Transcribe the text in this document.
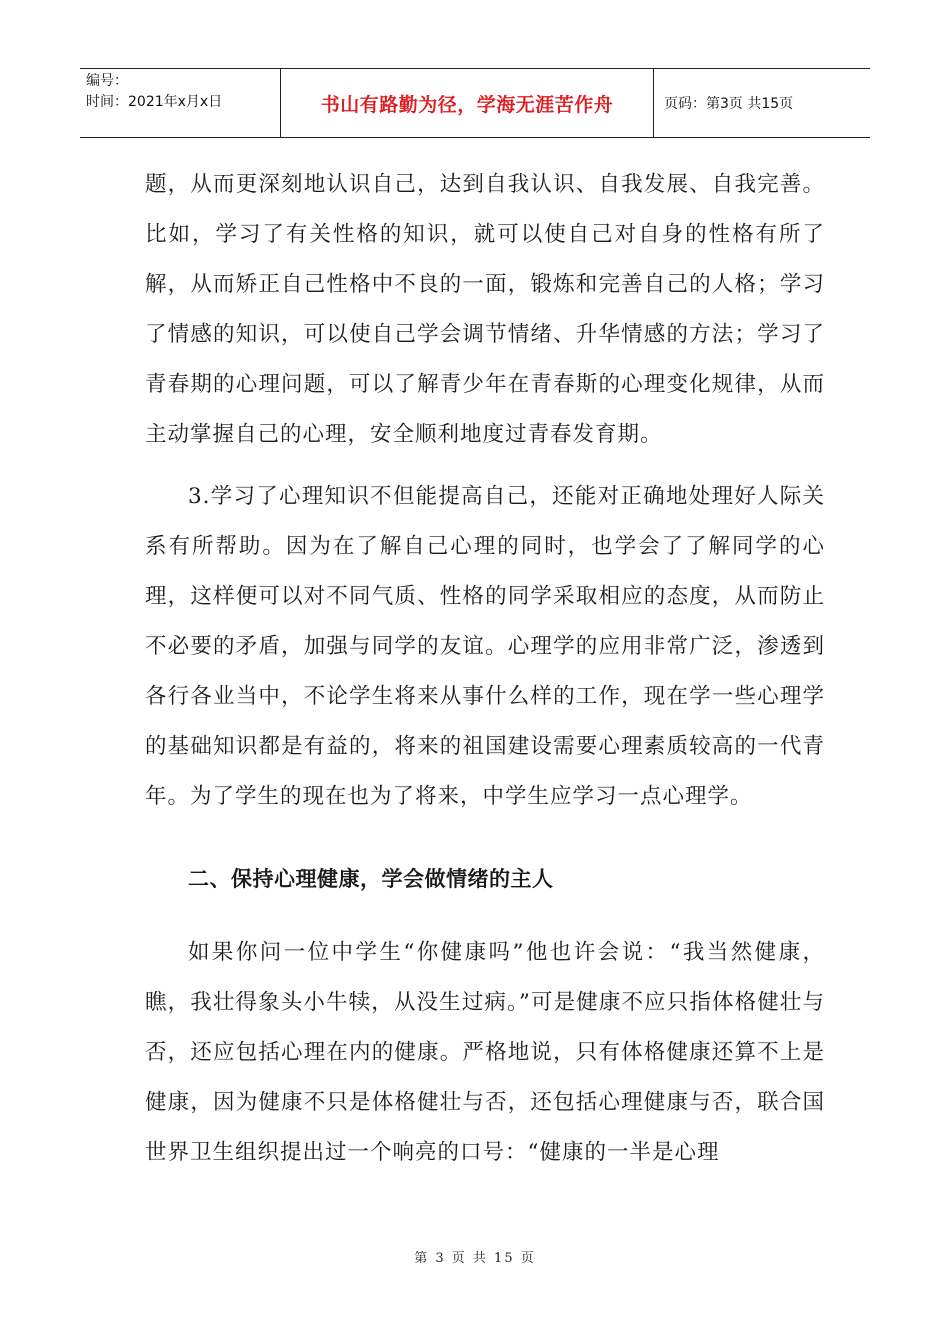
编号：
时间：2021年x月x日	书山有路勤为径，学海无涯苦作舟	页码：第3页 共15页

题，从而更深刻地认识自己，达到自我认识、自我发展、自我完善。比如，学习了有关性格的知识，就可以使自己对自身的性格有所了解，从而矫正自己性格中不良的一面，锻炼和完善自己的人格；学习了情感的知识，可以使自己学会调节情绪、升华情感的方法；学习了青春期的心理问题，可以了解青少年在青春斯的心理变化规律，从而主动掌握自己的心理，安全顺利地度过青春发育期。

3.学习了心理知识不但能提高自己，还能对正确地处理好人际关系有所帮助。因为在了解自己心理的同时，也学会了了解同学的心理，这样便可以对不同气质、性格的同学采取相应的态度，从而防止不必要的矛盾，加强与同学的友谊。心理学的应用非常广泛，渗透到各行各业当中，不论学生将来从事什么样的工作，现在学一些心理学的基础知识都是有益的，将来的祖国建设需要心理素质较高的一代青年。为了学生的现在也为了将来，中学生应学习一点心理学。

二、保持心理健康，学会做情绪的主人

如果你问一位中学生“你健康吗”他也许会说：“我当然健康，瞧，我壮得象头小牛犊，从没生过病。”可是健康不应只指体格健壮与否，还应包括心理在内的健康。严格地说，只有体格健康还算不上是健康，因为健康不只是体格健壮与否，还包括心理健康与否，联合国世界卫生组织提出过一个响亮的口号：“健康的一半是心理

第 3 页 共 15 页
